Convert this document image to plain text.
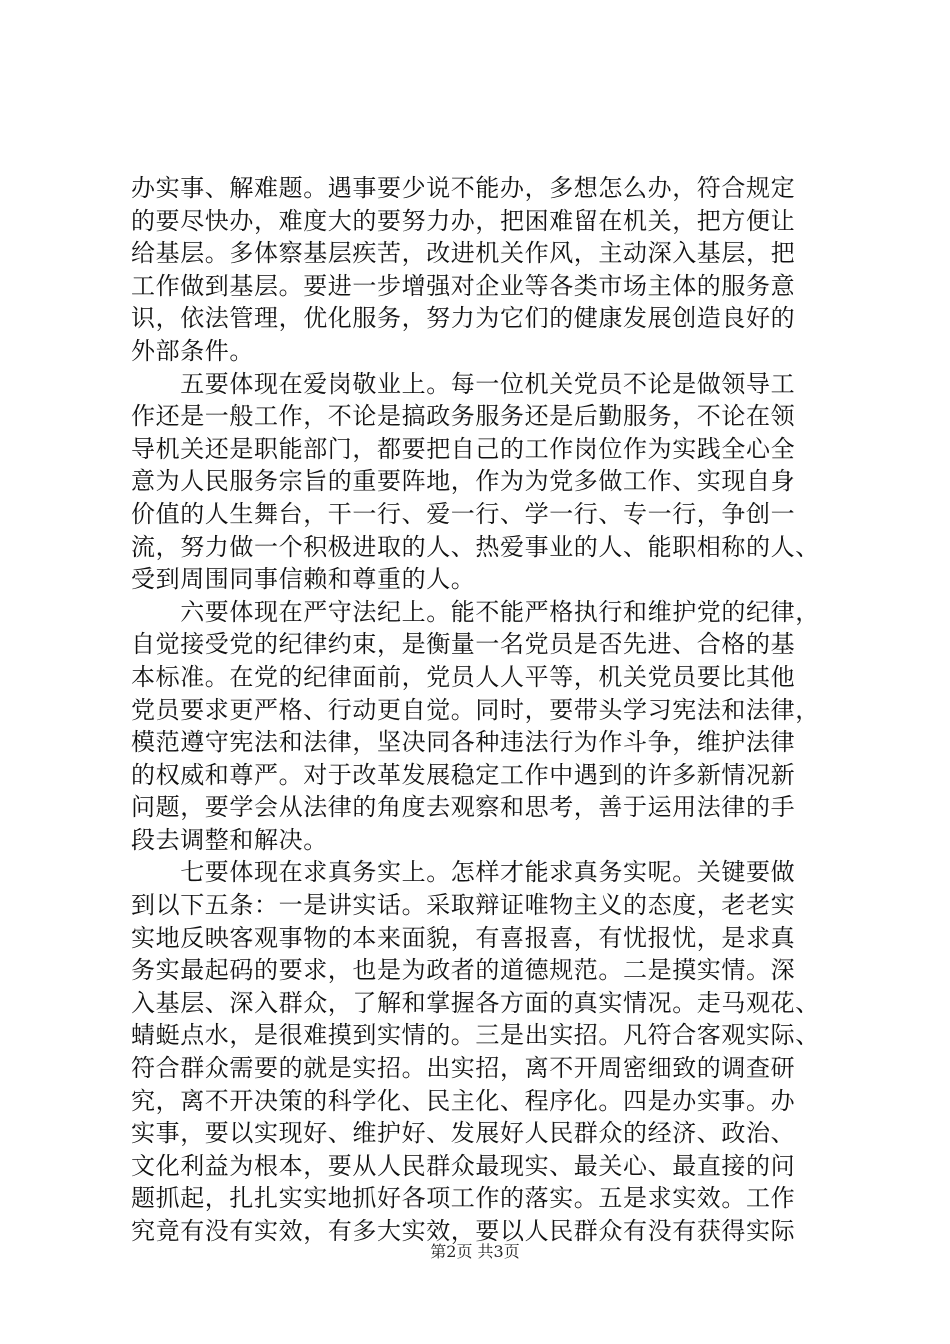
办实事、解难题。遇事要少说不能办，多想怎么办，符合规定
的要尽快办，难度大的要努力办，把困难留在机关，把方便让
给基层。多体察基层疾苦，改进机关作风，主动深入基层，把
工作做到基层。要进一步增强对企业等各类市场主体的服务意
识，依法管理，优化服务，努力为它们的健康发展创造良好的
外部条件。
　　五要体现在爱岗敬业上。每一位机关党员不论是做领导工
作还是一般工作，不论是搞政务服务还是后勤服务，不论在领
导机关还是职能部门，都要把自己的工作岗位作为实践全心全
意为人民服务宗旨的重要阵地，作为为党多做工作、实现自身
价值的人生舞台，干一行、爱一行、学一行、专一行，争创一
流，努力做一个积极进取的人、热爱事业的人、能职相称的人、
受到周围同事信赖和尊重的人。
　　六要体现在严守法纪上。能不能严格执行和维护党的纪律，
自觉接受党的纪律约束，是衡量一名党员是否先进、合格的基
本标准。在党的纪律面前，党员人人平等，机关党员要比其他
党员要求更严格、行动更自觉。同时，要带头学习宪法和法律，
模范遵守宪法和法律，坚决同各种违法行为作斗争，维护法律
的权威和尊严。对于改革发展稳定工作中遇到的许多新情况新
问题，要学会从法律的角度去观察和思考，善于运用法律的手
段去调整和解决。
　　七要体现在求真务实上。怎样才能求真务实呢。关键要做
到以下五条：一是讲实话。采取辩证唯物主义的态度，老老实
实地反映客观事物的本来面貌，有喜报喜，有忧报忧，是求真
务实最起码的要求，也是为政者的道德规范。二是摸实情。深
入基层、深入群众，了解和掌握各方面的真实情况。走马观花、
蜻蜓点水，是很难摸到实情的。三是出实招。凡符合客观实际、
符合群众需要的就是实招。出实招，离不开周密细致的调查研
究，离不开决策的科学化、民主化、程序化。四是办实事。办
实事，要以实现好、维护好、发展好人民群众的经济、政治、
文化利益为根本，要从人民群众最现实、最关心、最直接的问
题抓起，扎扎实实地抓好各项工作的落实。五是求实效。工作
究竟有没有实效，有多大实效，要以人民群众有没有获得实际
第2页 共3页
